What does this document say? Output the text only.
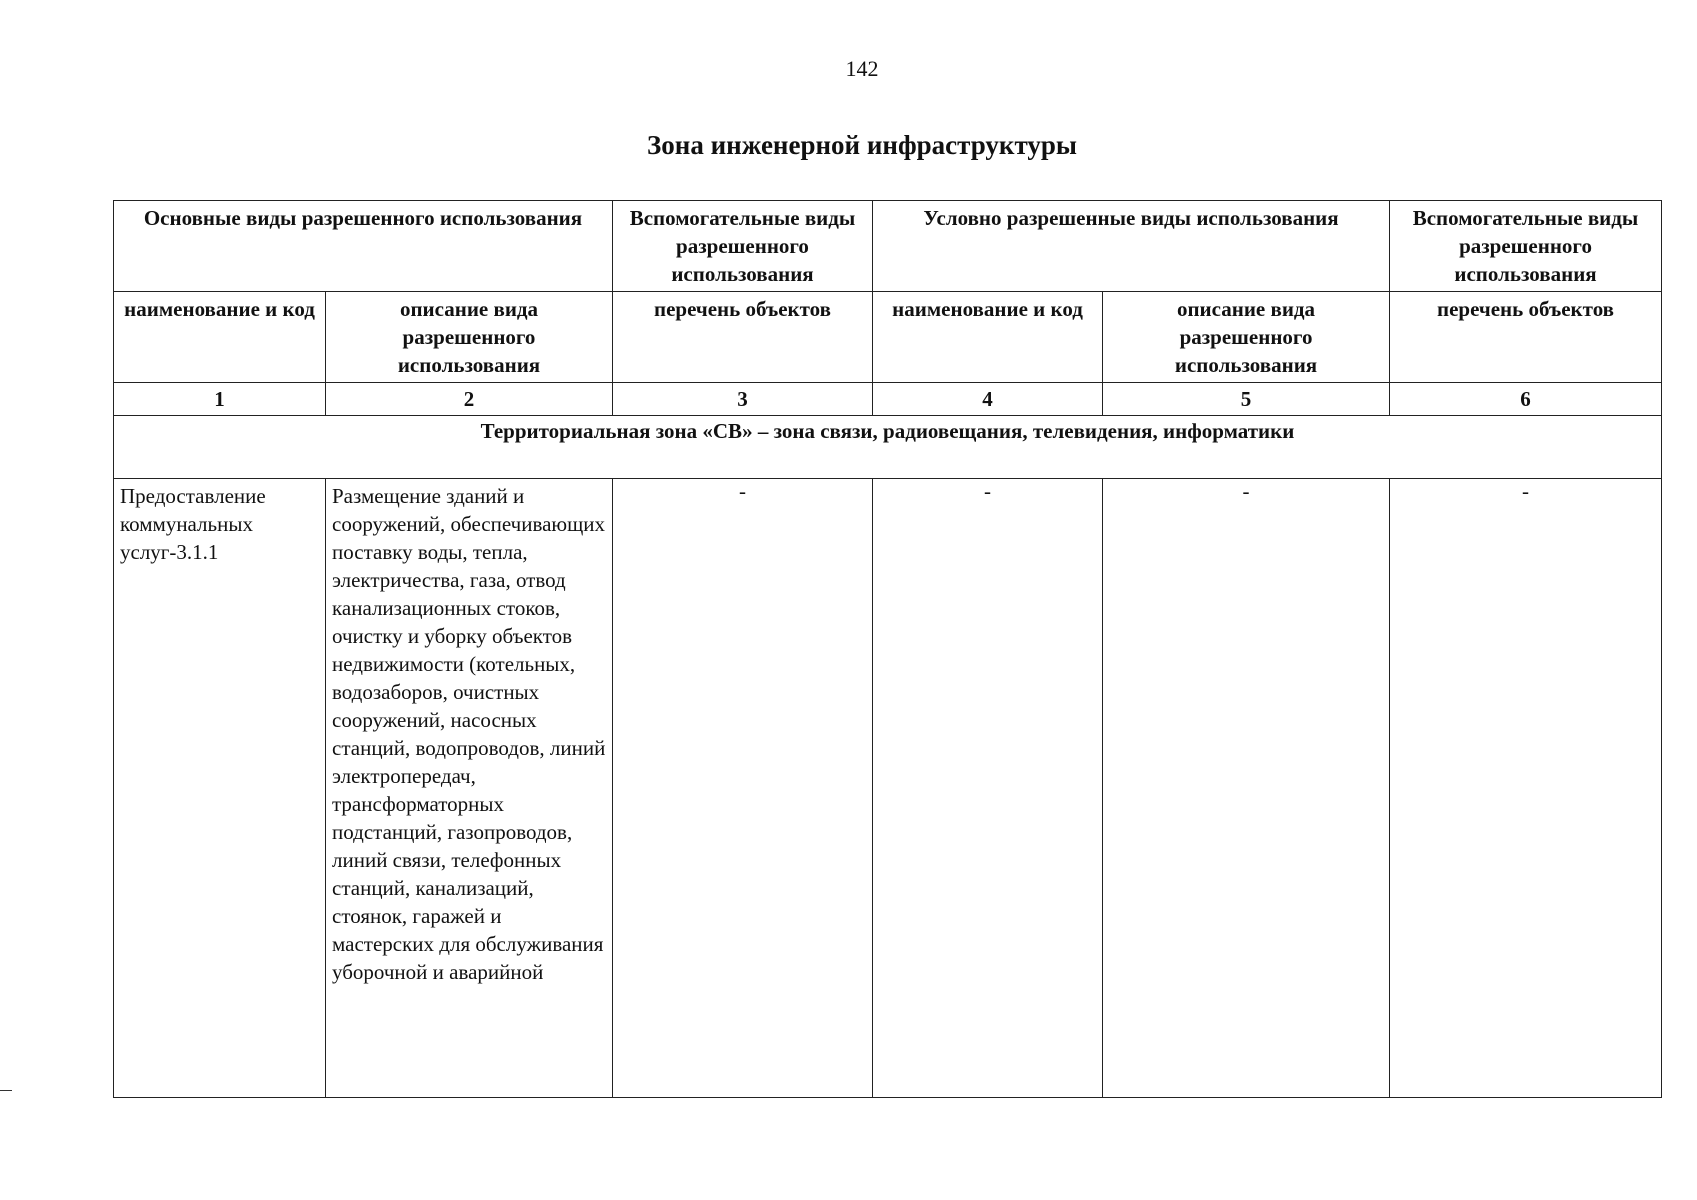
142
Зона инженерной инфраструктуры
Основные виды разрешенного использования		Вспомогательные виды разрешенного использования	Условно разрешенные виды использования		Вспомогательные виды разрешенного использования
наименование и код	описание вида разрешенного использования	перечень объектов	наименование и код	описание вида разрешенного использования	перечень объектов
1	2	3	4	5	6
Территориальная зона «СВ» – зона связи, радиовещания, телевидения, информатики					
Предоставление коммунальных услуг-3.1.1	Размещение зданий и сооружений, обеспечивающих поставку воды, тепла, электричества, газа, отвод канализационных стоков, очистку и уборку объектов недвижимости (котельных, водозаборов, очистных сооружений, насосных станций, водопроводов, линий электропередач, трансформаторных подстанций, газопроводов, линий связи, телефонных станций, канализаций, стоянок, гаражей и мастерских для обслуживания уборочной и аварийной	-	-	-	-
